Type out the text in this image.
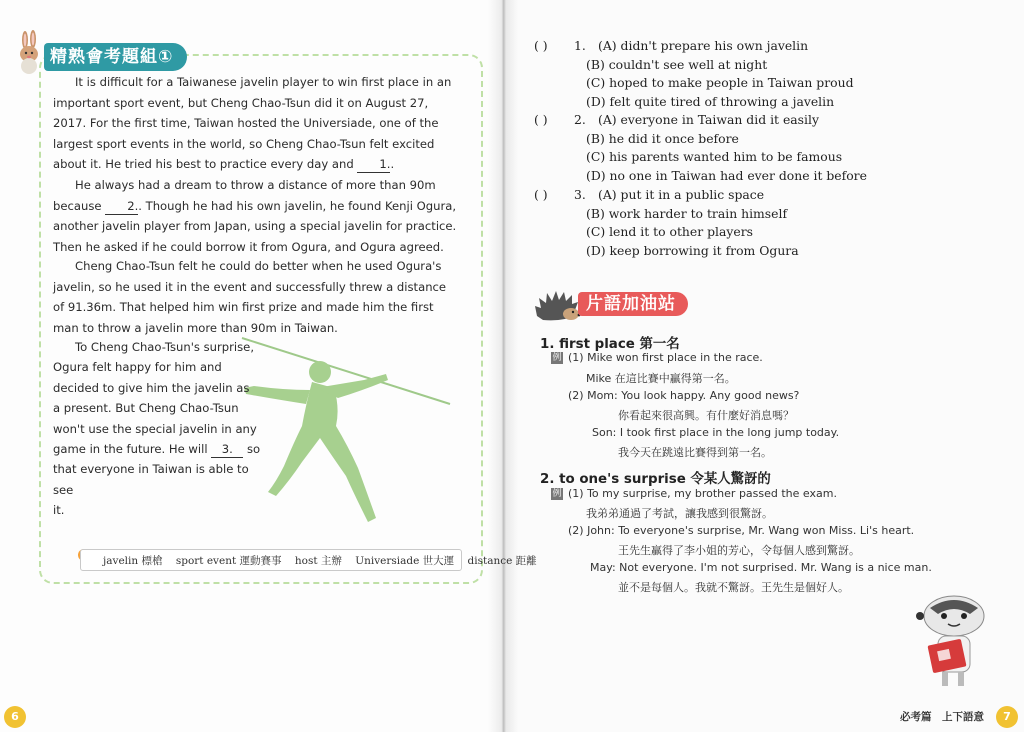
精熟會考題組①

It is difficult for a Taiwanese javelin player to win first place in an important sport event, but Cheng Chao-Tsun did it on August 27, 2017. For the first time, Taiwan hosted the Universiade, one of the largest sport events in the world, so Cheng Chao-Tsun felt excited about it. He tried his best to practice every day and 1..

He always had a dream to throw a distance of more than 90m because 2.. Though he had his own javelin, he found Kenji Ogura, another javelin player from Japan, using a special javelin for practice. Then he asked if he could borrow it from Ogura, and Ogura agreed.

Cheng Chao-Tsun felt he could do better when he used Ogura's javelin, so he used it in the event and successfully threw a distance of 91.36m. That helped him win first prize and made him the first man to throw a javelin more than 90m in Taiwan.

To Cheng Chao-Tsun's surprise,

Ogura felt happy for him and

decided to give him the javelin as

a present. But Cheng Chao-Tsun

won't use the special javelin in any

game in the future. He will 3. so

that everyone in Taiwan is able to see

it.

javelin 標槍 sport event 運動賽事 host 主辦 Universiade 世大運 distance 距離
6
( ) 1. (A) didn't prepare his own javelin
(B) couldn't see well at night
(C) hoped to make people in Taiwan proud
(D) felt quite tired of throwing a javelin
( ) 2. (A) everyone in Taiwan did it easily
(B) he did it once before
(C) his parents wanted him to be famous
(D) no one in Taiwan had ever done it before
( ) 3. (A) put it in a public space
(B) work harder to train himself
(C) lend it to other players
(D) keep borrowing it from Ogura
片語加油站
1. first place 第一名
例 (1) Mike won first place in the race.
Mike 在這比賽中贏得第一名。
(2) Mom: You look happy. Any good news?
你看起來很高興。有什麼好消息嗎？
Son: I took first place in the long jump today.
我今天在跳遠比賽得到第一名。
2. to one's surprise 令某人驚訝的
例 (1) To my surprise, my brother passed the exam.
我弟弟通過了考試，讓我感到很驚訝。
(2) John: To everyone's surprise, Mr. Wang won Miss. Li's heart.
王先生贏得了李小姐的芳心，令每個人感到驚訝。
May: Not everyone. I'm not surprised. Mr. Wang is a nice man.
並不是每個人。我就不驚訝。王先生是個好人。
必考篇　上下語意	7
